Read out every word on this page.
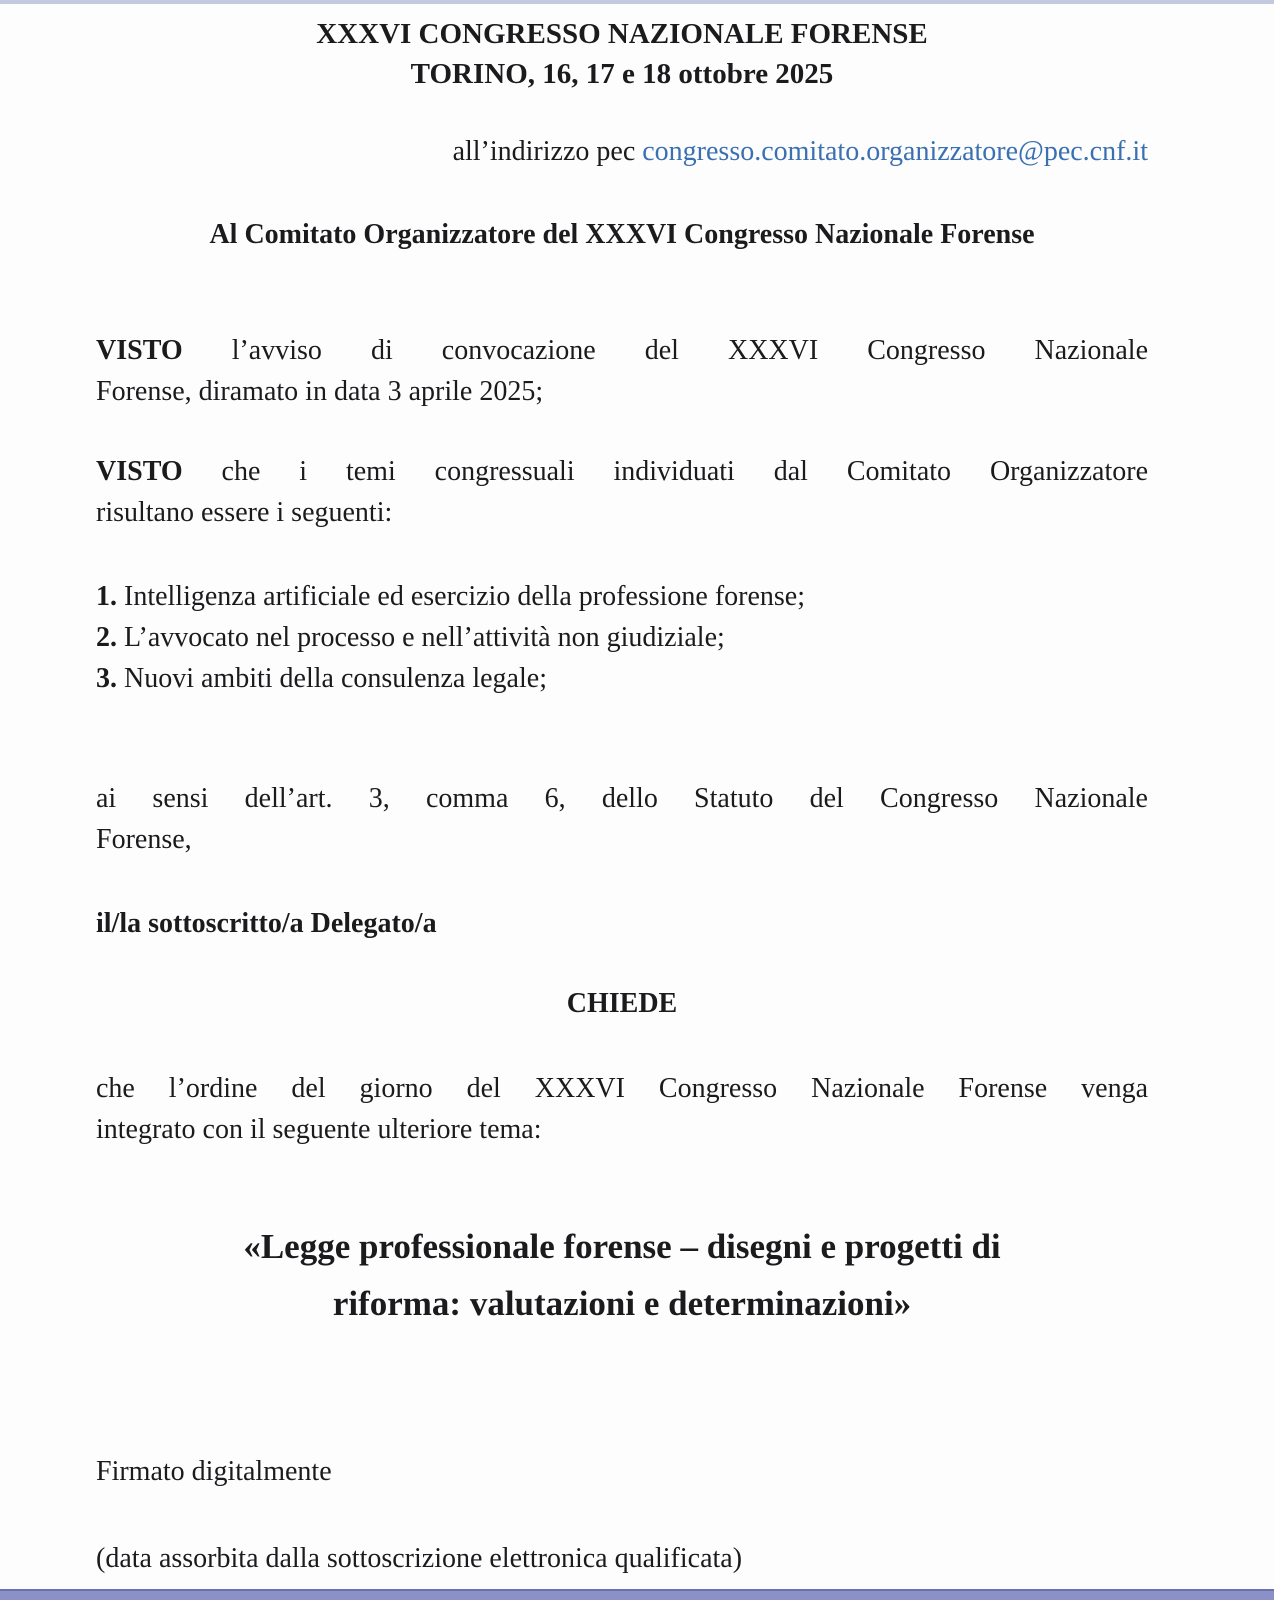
XXXVI CONGRESSO NAZIONALE FORENSE
TORINO, 16, 17 e 18 ottobre 2025
all’indirizzo pec congresso.comitato.organizzatore@pec.cnf.it
Al Comitato Organizzatore del XXXVI Congresso Nazionale Forense
VISTO l’avviso di convocazione del XXXVI Congresso Nazionale
Forense, diramato in data 3 aprile 2025;
VISTO che i temi congressuali individuati dal Comitato Organizzatore
risultano essere i seguenti:
1. Intelligenza artificiale ed esercizio della professione forense;
2. L’avvocato nel processo e nell’attività non giudiziale;
3. Nuovi ambiti della consulenza legale;
ai sensi dell’art. 3, comma 6, dello Statuto del Congresso Nazionale
Forense,
il/la sottoscritto/a Delegato/a
CHIEDE
che l’ordine del giorno del XXXVI Congresso Nazionale Forense venga
integrato con il seguente ulteriore tema:
«Legge professionale forense – disegni e progetti di
riforma: valutazioni e determinazioni»
Firmato digitalmente
(data assorbita dalla sottoscrizione elettronica qualificata)
